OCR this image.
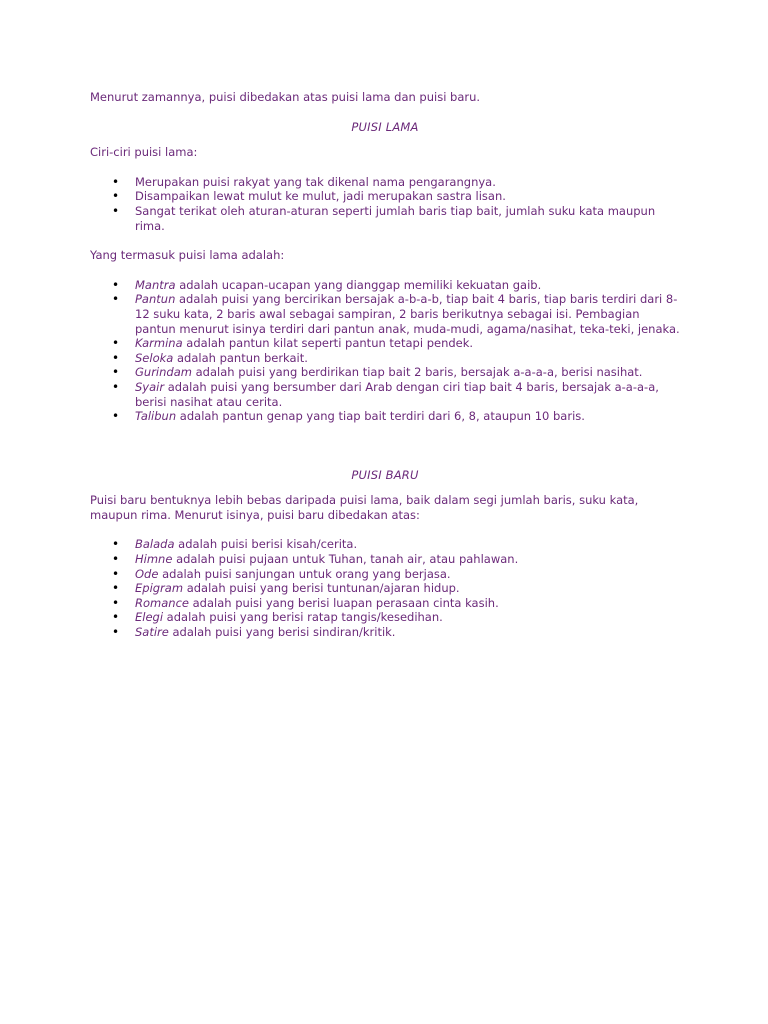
Menurut zamannya, puisi dibedakan atas puisi lama dan puisi baru.

PUISI LAMA

Ciri-ciri puisi lama:

• Merupakan puisi rakyat yang tak dikenal nama pengarangnya.
• Disampaikan lewat mulut ke mulut, jadi merupakan sastra lisan.
• Sangat terikat oleh aturan-aturan seperti jumlah baris tiap bait, jumlah suku kata maupun rima.

Yang termasuk puisi lama adalah:

• Mantra adalah ucapan-ucapan yang dianggap memiliki kekuatan gaib.
• Pantun adalah puisi yang bercirikan bersajak a-b-a-b, tiap bait 4 baris, tiap baris terdiri dari 8-12 suku kata, 2 baris awal sebagai sampiran, 2 baris berikutnya sebagai isi. Pembagian pantun menurut isinya terdiri dari pantun anak, muda-mudi, agama/nasihat, teka-teki, jenaka.
• Karmina adalah pantun kilat seperti pantun tetapi pendek.
• Seloka adalah pantun berkait.
• Gurindam adalah puisi yang berdirikan tiap bait 2 baris, bersajak a-a-a-a, berisi nasihat.
• Syair adalah puisi yang bersumber dari Arab dengan ciri tiap bait 4 baris, bersajak a-a-a-a, berisi nasihat atau cerita.
• Talibun adalah pantun genap yang tiap bait terdiri dari 6, 8, ataupun 10 baris.

PUISI BARU

Puisi baru bentuknya lebih bebas daripada puisi lama, baik dalam segi jumlah baris, suku kata, maupun rima. Menurut isinya, puisi baru dibedakan atas:

• Balada adalah puisi berisi kisah/cerita.
• Himne adalah puisi pujaan untuk Tuhan, tanah air, atau pahlawan.
• Ode adalah puisi sanjungan untuk orang yang berjasa.
• Epigram adalah puisi yang berisi tuntunan/ajaran hidup.
• Romance adalah puisi yang berisi luapan perasaan cinta kasih.
• Elegi adalah puisi yang berisi ratap tangis/kesedihan.
• Satire adalah puisi yang berisi sindiran/kritik.
